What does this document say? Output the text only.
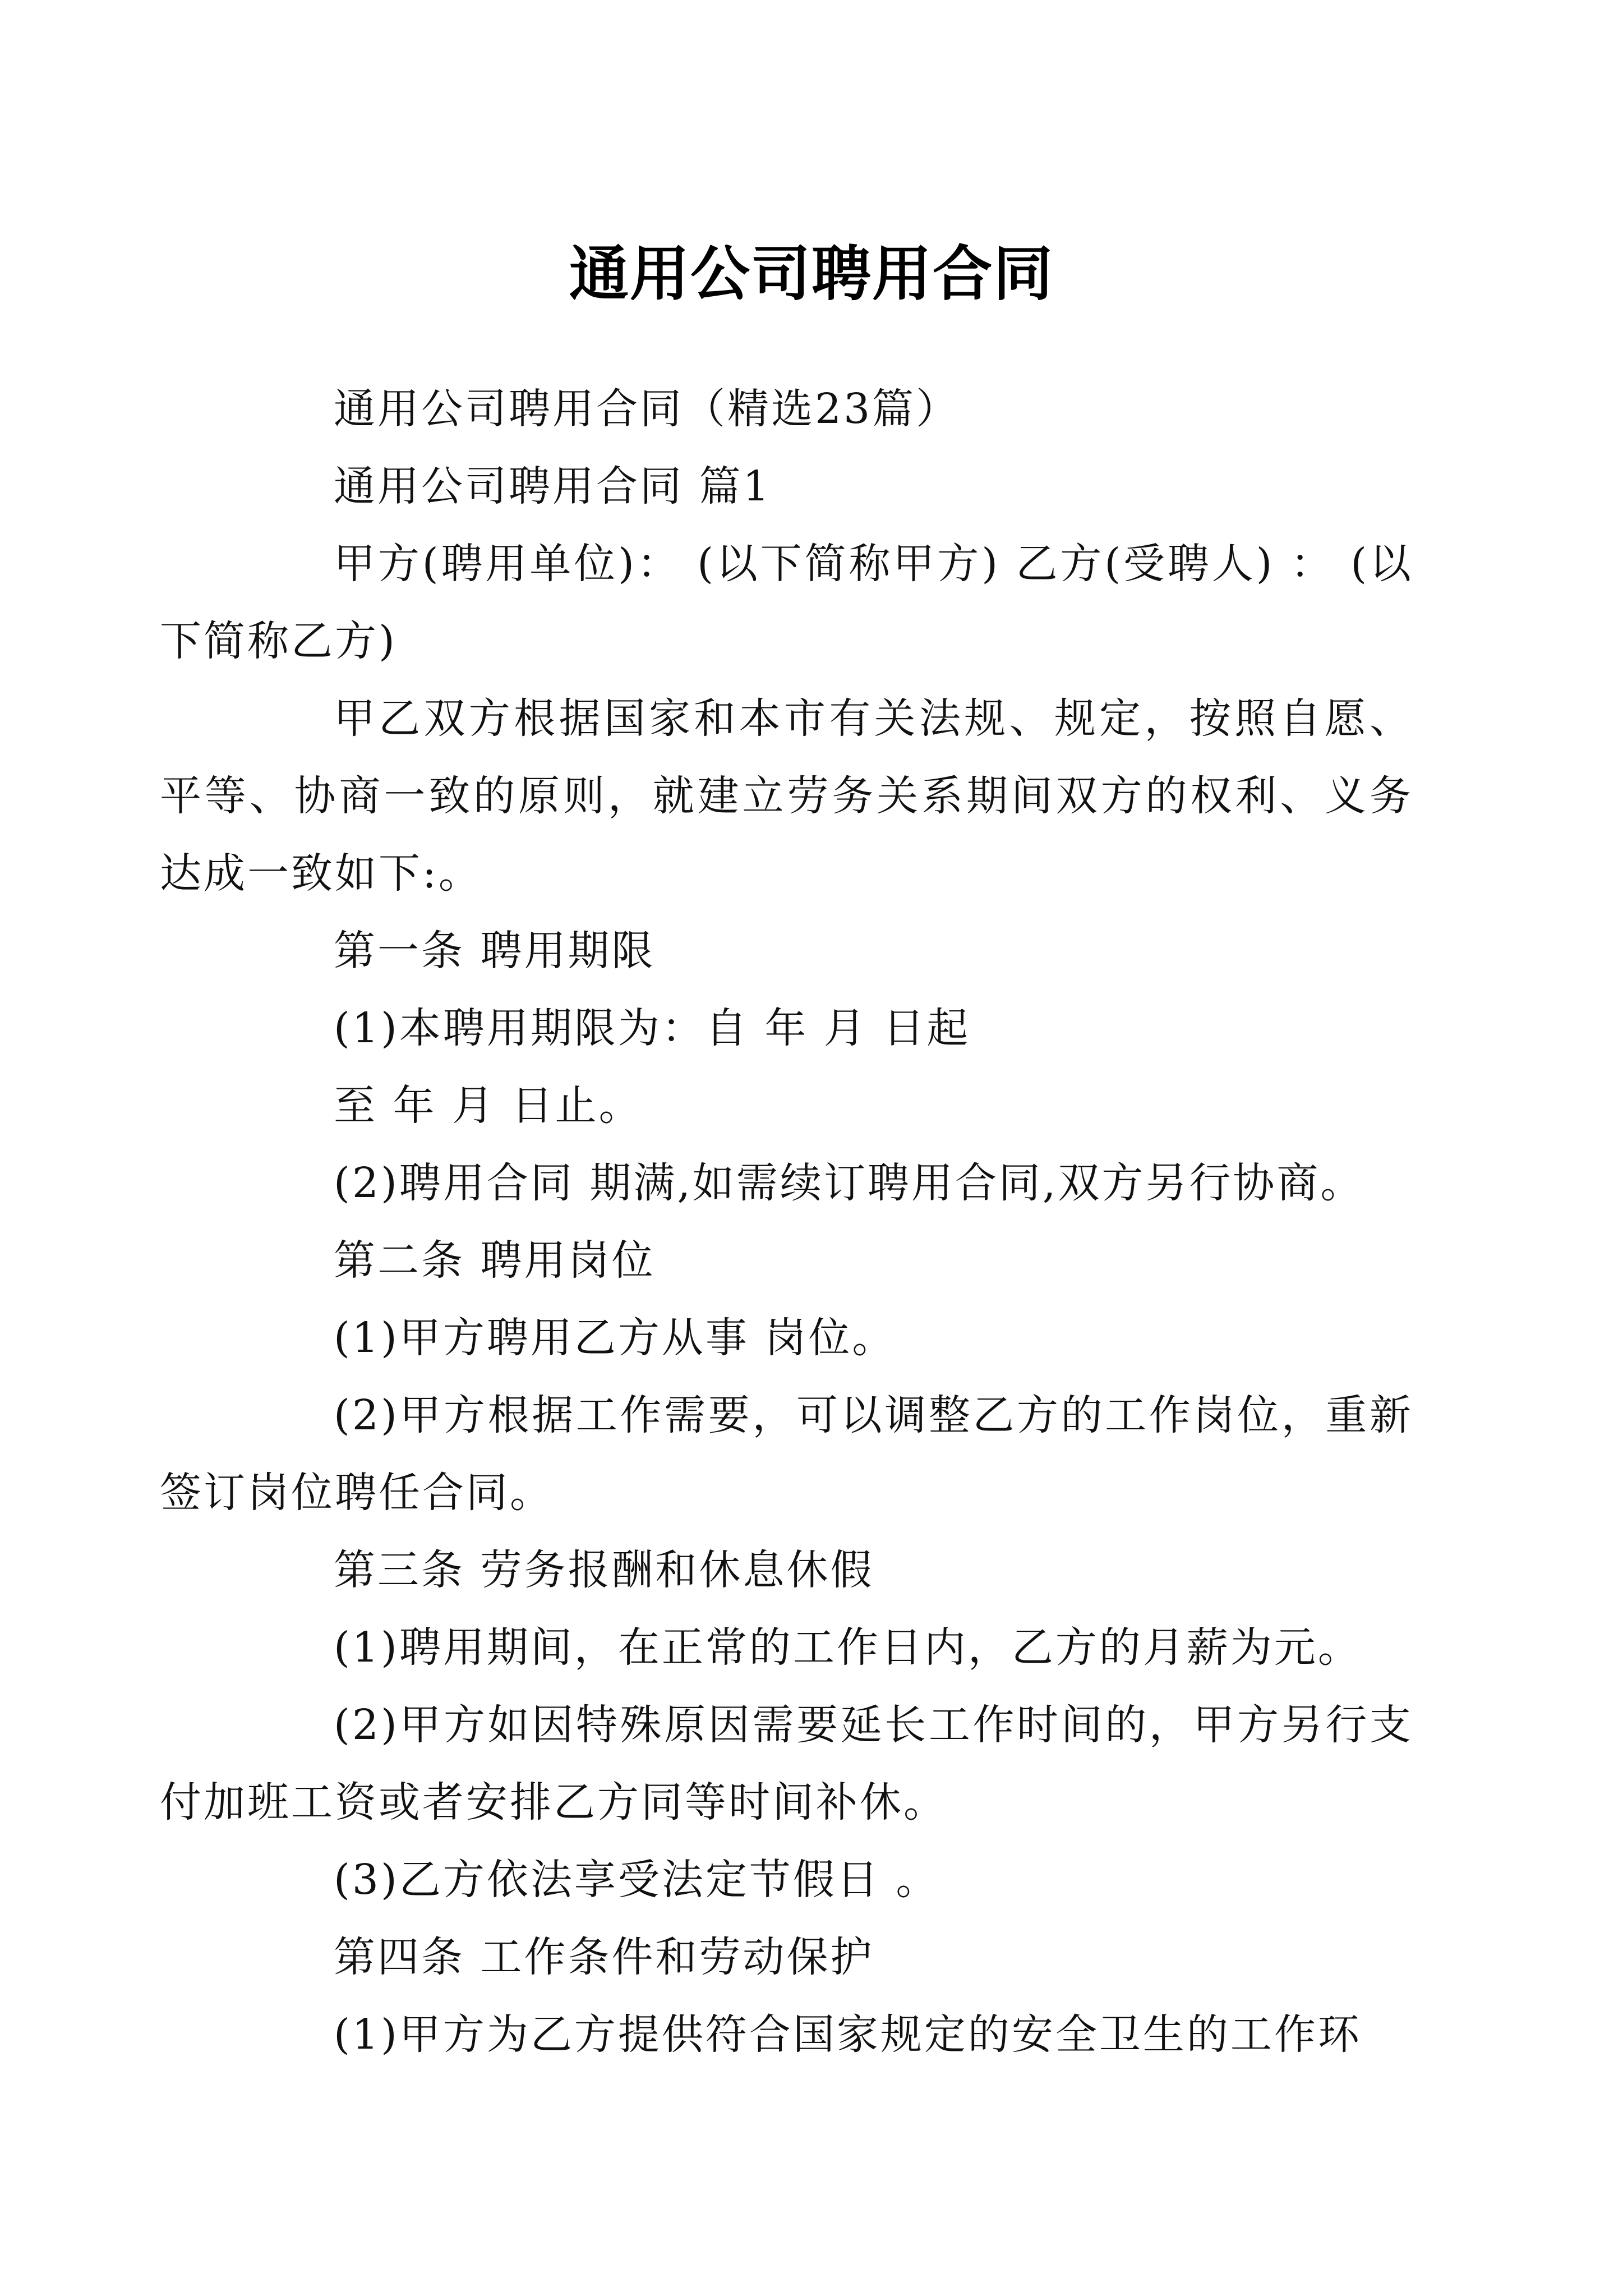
通用公司聘用合同

通用公司聘用合同（精选23篇）

通用公司聘用合同 篇1

甲方(聘用单位)： (以下简称甲方) 乙方(受聘人) ： (以下简称乙方)

甲乙双方根据国家和本市有关法规、规定，按照自愿、平等、协商一致的原则，就建立劳务关系期间双方的权利、义务达成一致如下:。

第一条 聘用期限

(1)本聘用期限为：自 年 月 日起

至 年 月 日止。

(2)聘用合同 期满,如需续订聘用合同,双方另行协商。

第二条 聘用岗位

(1)甲方聘用乙方从事 岗位。

(2)甲方根据工作需要，可以调整乙方的工作岗位，重新签订岗位聘任合同。

第三条 劳务报酬和休息休假

(1)聘用期间，在正常的工作日内，乙方的月薪为元。

(2)甲方如因特殊原因需要延长工作时间的，甲方另行支付加班工资或者安排乙方同等时间补休。

(3)乙方依法享受法定节假日 。

第四条 工作条件和劳动保护

(1)甲方为乙方提供符合国家规定的安全卫生的工作环
